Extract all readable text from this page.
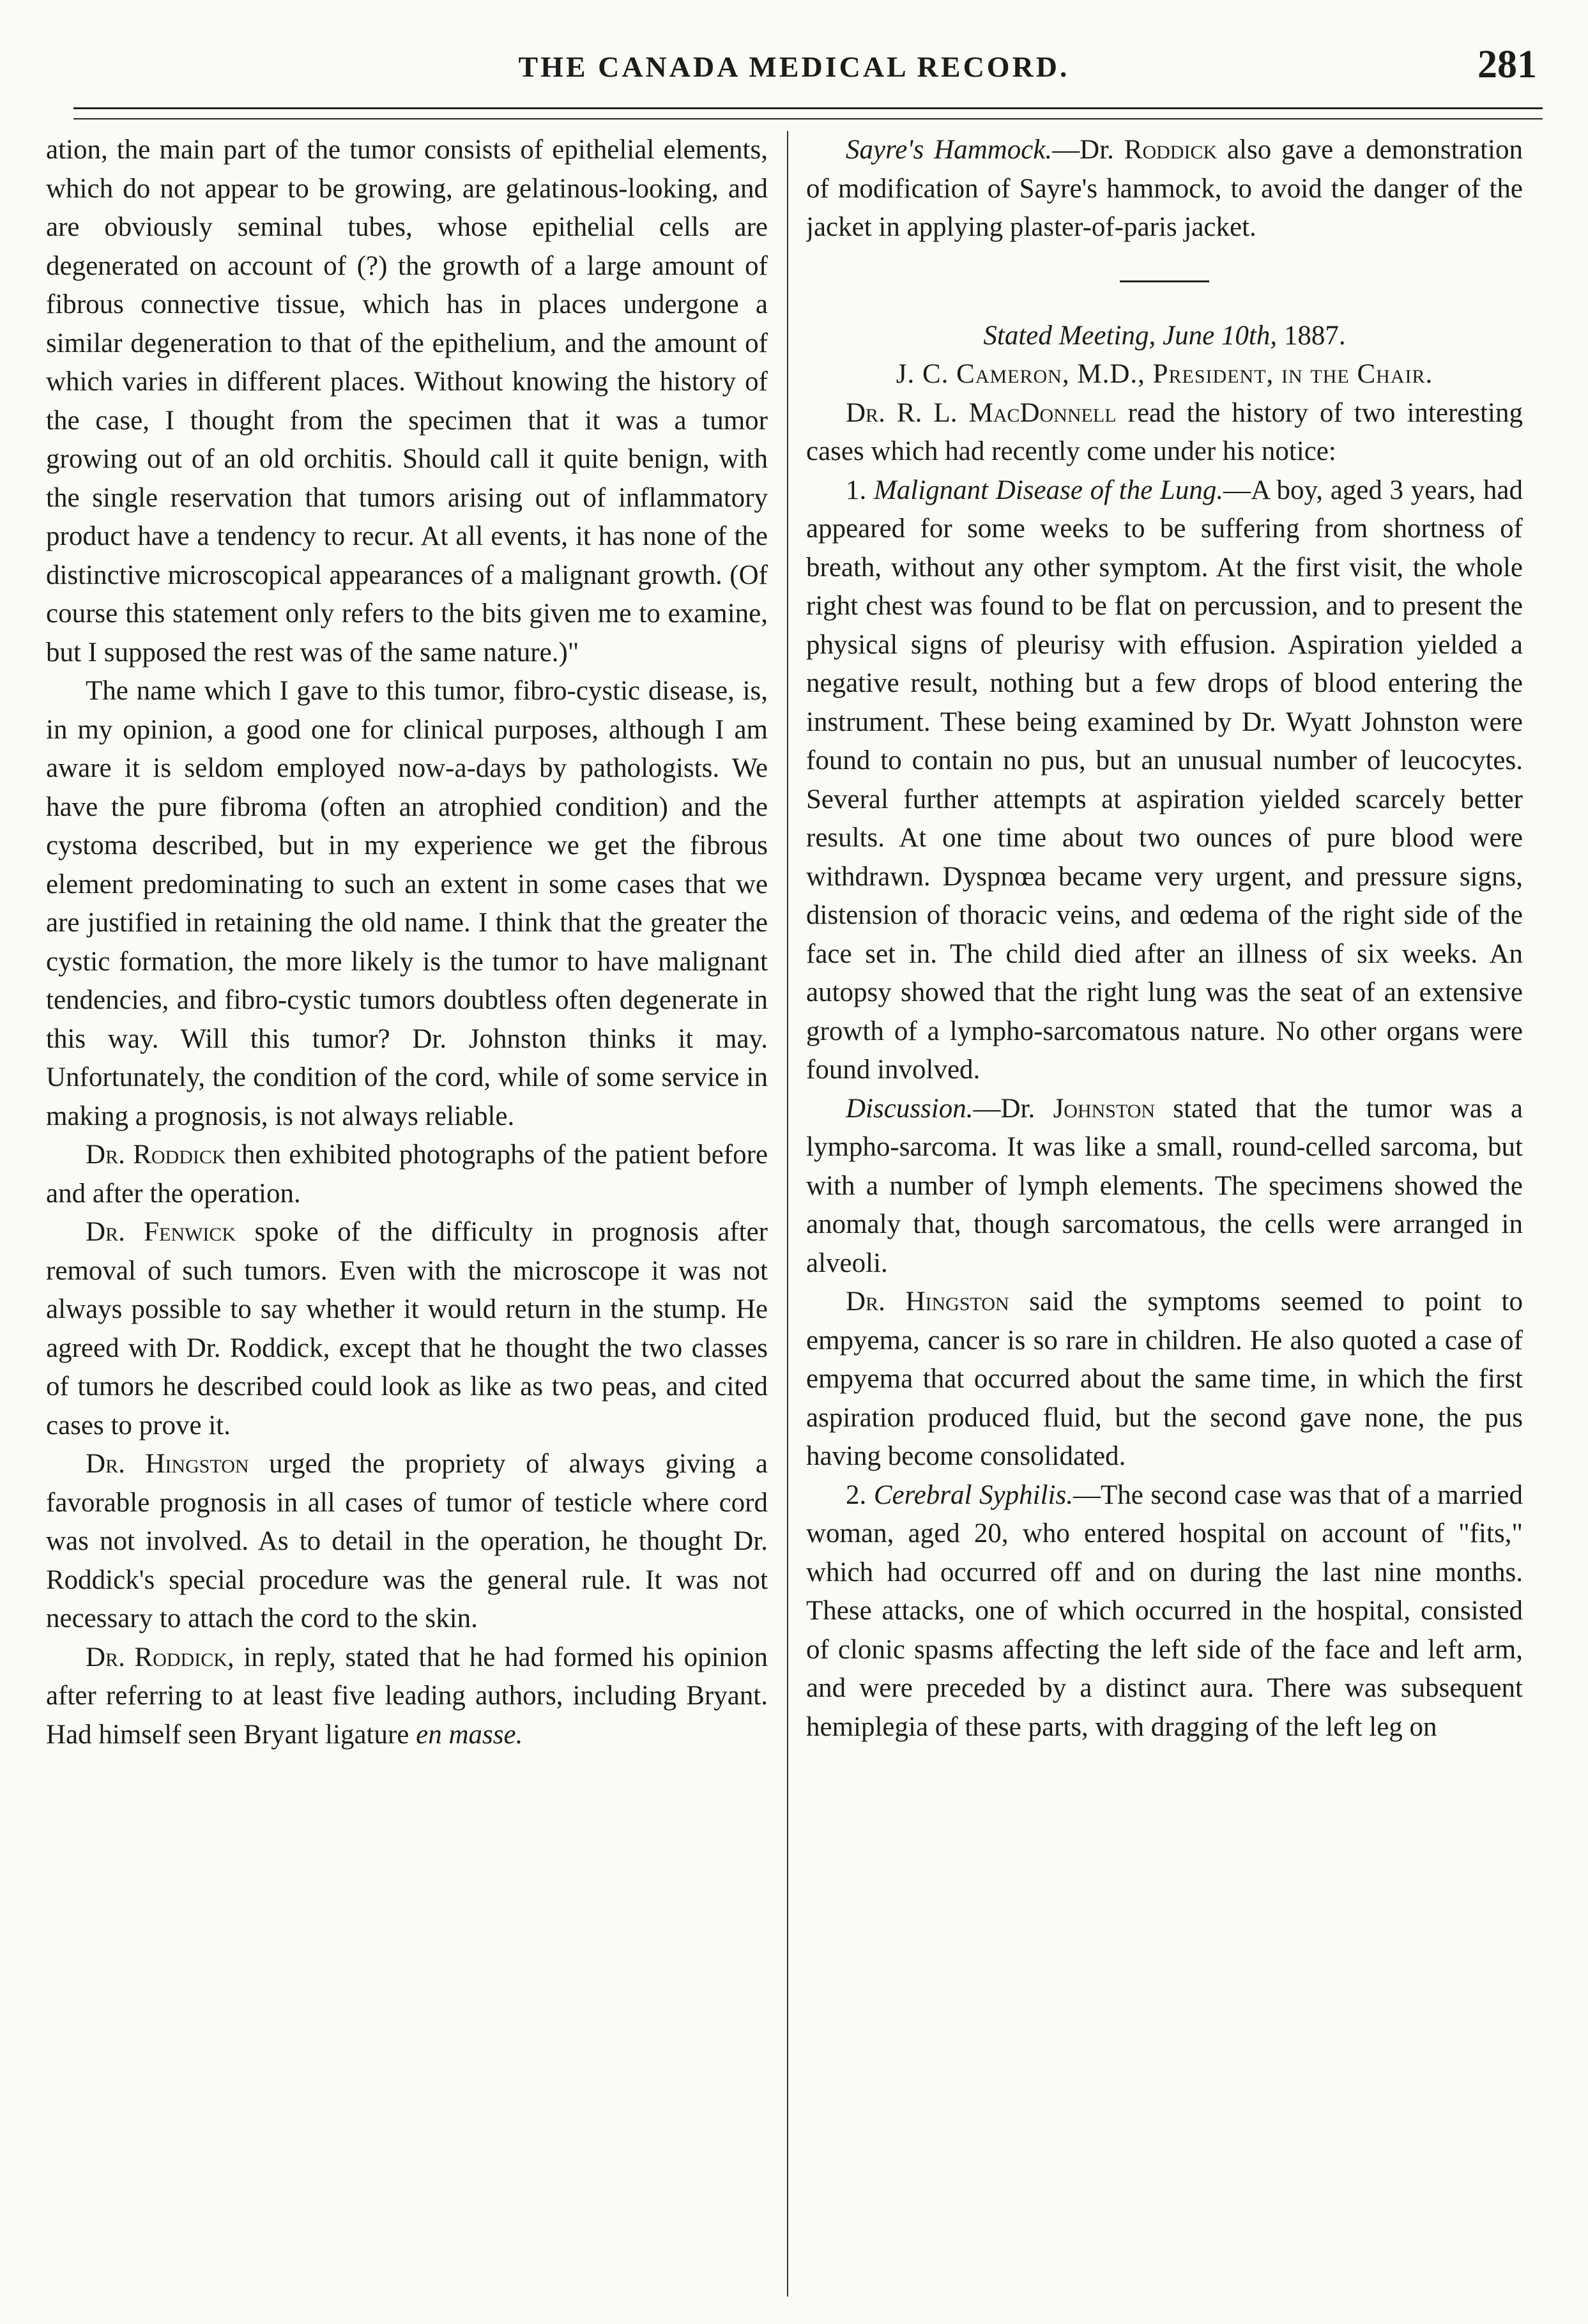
THE CANADA MEDICAL RECORD.	281

ation, the main part of the tumor consists of epithelial elements, which do not appear to be growing, are gelatinous-looking, and are obviously seminal tubes, whose epithelial cells are degenerated on account of (?) the growth of a large amount of fibrous connective tissue, which has in places undergone a similar degeneration to that of the epithelium, and the amount of which varies in different places. Without knowing the history of the case, I thought from the specimen that it was a tumor growing out of an old orchitis. Should call it quite benign, with the single reservation that tumors arising out of inflammatory product have a tendency to recur. At all events, it has none of the distinctive microscopical appearances of a malignant growth. (Of course this statement only refers to the bits given me to examine, but I supposed the rest was of the same nature.)"

The name which I gave to this tumor, fibro-cystic disease, is, in my opinion, a good one for clinical purposes, although I am aware it is seldom employed now-a-days by pathologists. We have the pure fibroma (often an atrophied condition) and the cystoma described, but in my experience we get the fibrous element predominating to such an extent in some cases that we are justified in retaining the old name. I think that the greater the cystic formation, the more likely is the tumor to have malignant tendencies, and fibro-cystic tumors doubtless often degenerate in this way. Will this tumor? Dr. Johnston thinks it may. Unfortunately, the condition of the cord, while of some service in making a prognosis, is not always reliable.

Dr. Roddick then exhibited photographs of the patient before and after the operation.

Dr. Fenwick spoke of the difficulty in prognosis after removal of such tumors. Even with the microscope it was not always possible to say whether it would return in the stump. He agreed with Dr. Roddick, except that he thought the two classes of tumors he described could look as like as two peas, and cited cases to prove it.

Dr. Hingston urged the propriety of always giving a favorable prognosis in all cases of tumor of testicle where cord was not involved. As to detail in the operation, he thought Dr. Roddick's special procedure was the general rule. It was not necessary to attach the cord to the skin.

Dr. Roddick, in reply, stated that he had formed his opinion after referring to at least five leading authors, including Bryant. Had himself seen Bryant ligature en masse.

Sayre's Hammock.—Dr. Roddick also gave a demonstration of modification of Sayre's hammock, to avoid the danger of the jacket in applying plaster-of-paris jacket.

Stated Meeting, June 10th, 1887.

J. C. Cameron, M.D., President, in the Chair.

Dr. R. L. MacDonnell read the history of two interesting cases which had recently come under his notice:

1. Malignant Disease of the Lung.—A boy, aged 3 years, had appeared for some weeks to be suffering from shortness of breath, without any other symptom. At the first visit, the whole right chest was found to be flat on percussion, and to present the physical signs of pleurisy with effusion. Aspiration yielded a negative result, nothing but a few drops of blood entering the instrument. These being examined by Dr. Wyatt Johnston were found to contain no pus, but an unusual number of leucocytes. Several further attempts at aspiration yielded scarcely better results. At one time about two ounces of pure blood were withdrawn. Dyspnœa became very urgent, and pressure signs, distension of thoracic veins, and œdema of the right side of the face set in. The child died after an illness of six weeks. An autopsy showed that the right lung was the seat of an extensive growth of a lympho-sarcomatous nature. No other organs were found involved.

Discussion.—Dr. Johnston stated that the tumor was a lympho-sarcoma. It was like a small, round-celled sarcoma, but with a number of lymph elements. The specimens showed the anomaly that, though sarcomatous, the cells were arranged in alveoli.

Dr. Hingston said the symptoms seemed to point to empyema, cancer is so rare in children. He also quoted a case of empyema that occurred about the same time, in which the first aspiration produced fluid, but the second gave none, the pus having become consolidated.

2. Cerebral Syphilis.—The second case was that of a married woman, aged 20, who entered hospital on account of "fits," which had occurred off and on during the last nine months. These attacks, one of which occurred in the hospital, consisted of clonic spasms affecting the left side of the face and left arm, and were preceded by a distinct aura. There was subsequent hemiplegia of these parts, with dragging of the left leg on
